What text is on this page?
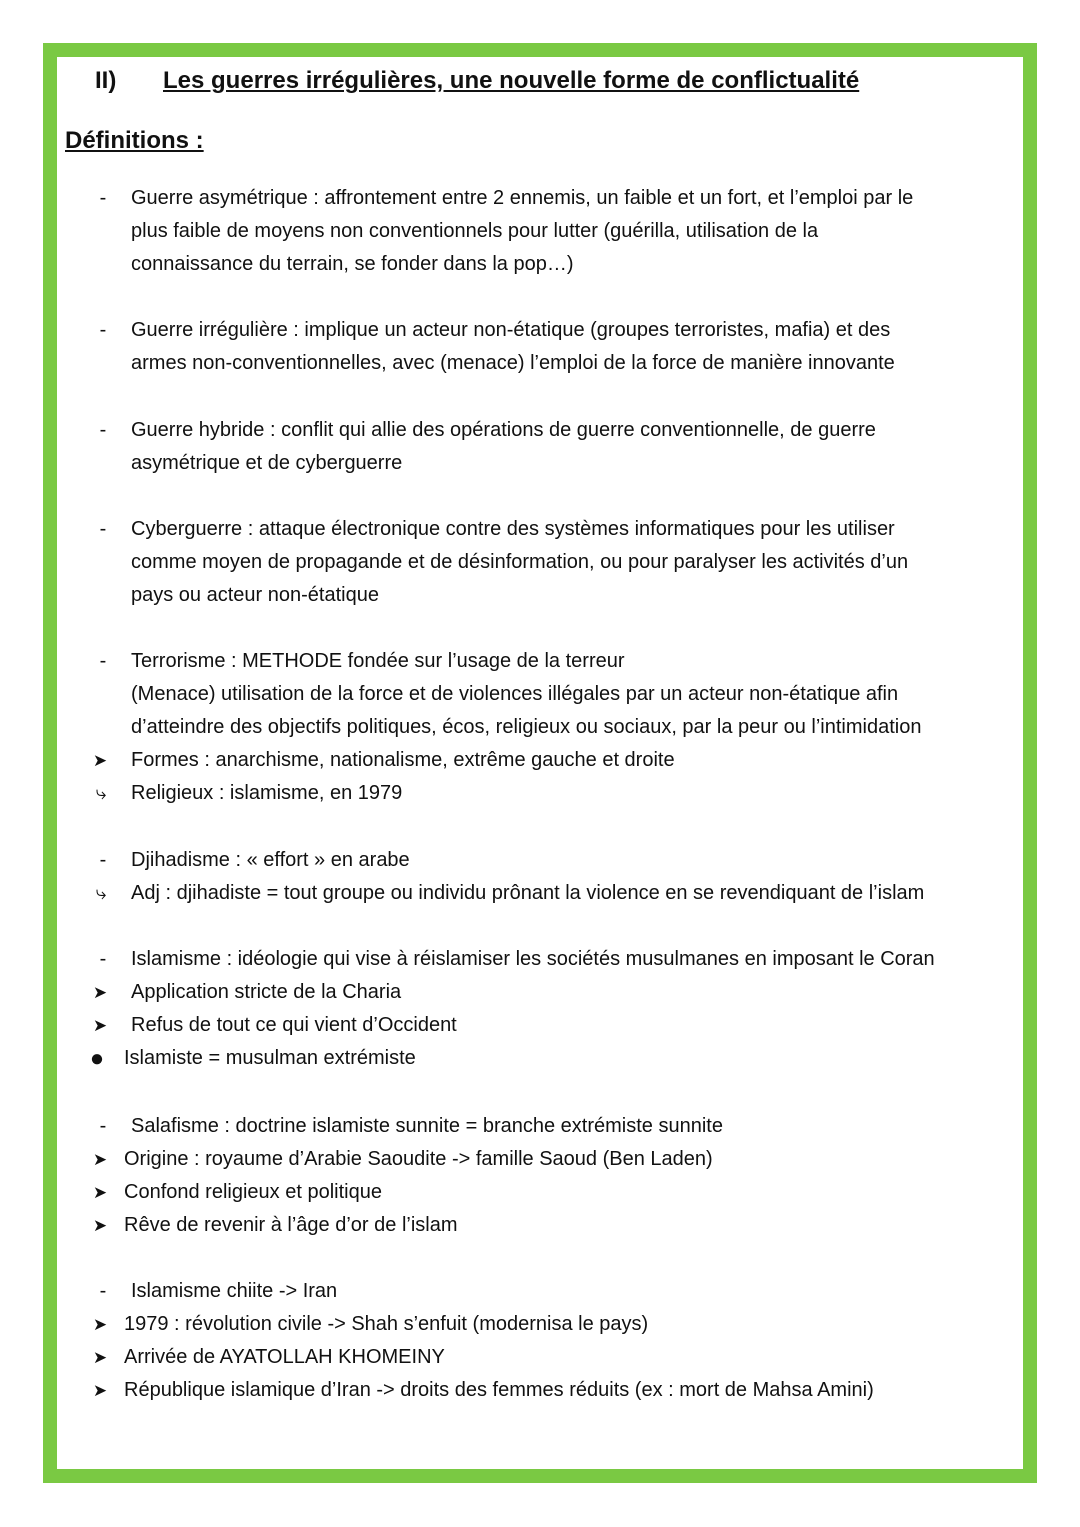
II) Les guerres irrégulières, une nouvelle forme de conflictualité
Définitions :
-	Guerre asymétrique : affrontement entre 2 ennemis, un faible et un fort, et l’emploi par le
plus faible de moyens non conventionnels pour lutter (guérilla, utilisation de la
connaissance du terrain, se fonder dans la pop…)
-	Guerre irrégulière : implique un acteur non-étatique (groupes terroristes, mafia) et des
armes non-conventionnelles, avec (menace) l’emploi de la force de manière innovante
-	Guerre hybride : conflit qui allie des opérations de guerre conventionnelle, de guerre
asymétrique et de cyberguerre
-	Cyberguerre : attaque électronique contre des systèmes informatiques pour les utiliser
comme moyen de propagande et de désinformation, ou pour paralyser les activités d’un
pays ou acteur non-étatique
-	Terrorisme : METHODE fondée sur l’usage de la terreur
(Menace) utilisation de la force et de violences illégales par un acteur non-étatique afin
d’atteindre des objectifs politiques, écos, religieux ou sociaux, par la peur ou l’intimidation
➤	Formes : anarchisme, nationalisme, extrême gauche et droite
⤷	Religieux : islamisme, en 1979
-	Djihadisme : « effort » en arabe
⤷	Adj : djihadiste = tout groupe ou individu prônant la violence en se revendiquant de l’islam
-	Islamisme : idéologie qui vise à réislamiser les sociétés musulmanes en imposant le Coran
➤	Application stricte de la Charia
➤	Refus de tout ce qui vient d’Occident
● Islamiste = musulman extrémiste
-	Salafisme : doctrine islamiste sunnite = branche extrémiste sunnite
➤ Origine : royaume d’Arabie Saoudite -> famille Saoud (Ben Laden)
➤ Confond religieux et politique
➤ Rêve de revenir à l’âge d’or de l’islam
-	Islamisme chiite -> Iran
➤ 1979 : révolution civile -> Shah s’enfuit (modernisa le pays)
➤ Arrivée de AYATOLLAH KHOMEINY
➤ République islamique d’Iran -> droits des femmes réduits (ex : mort de Mahsa Amini)
